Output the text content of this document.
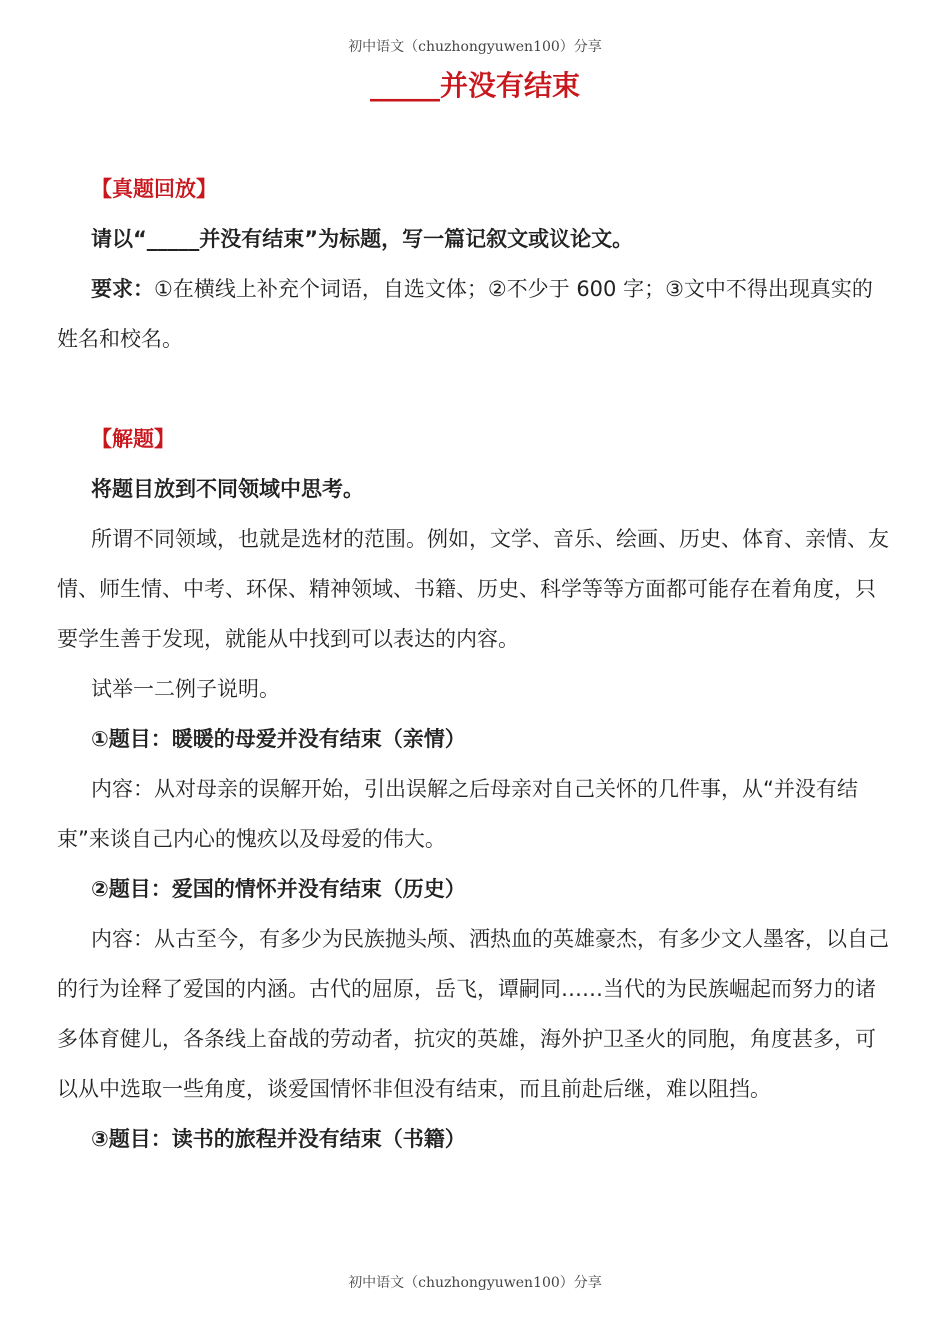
初中语文（chuzhongyuwen100）分享
_____并没有结束

【真题回放】

请以“_____并没有结束”为标题，写一篇记叙文或议论文。

要求：①在横线上补充个词语，自选文体；②不少于 600 字；③文中不得出现真实的姓名和校名。

【解题】

将题目放到不同领域中思考。

所谓不同领域，也就是选材的范围。例如，文学、音乐、绘画、历史、体育、亲情、友情、师生情、中考、环保、精神领域、书籍、历史、科学等等方面都可能存在着角度，只要学生善于发现，就能从中找到可以表达的内容。

试举一二例子说明。

①题目：暖暖的母爱并没有结束（亲情）

内容：从对母亲的误解开始，引出误解之后母亲对自己关怀的几件事，从“并没有结束”来谈自己内心的愧疚以及母爱的伟大。

②题目：爱国的情怀并没有结束（历史）

内容：从古至今，有多少为民族抛头颅、洒热血的英雄豪杰，有多少文人墨客，以自己的行为诠释了爱国的内涵。古代的屈原，岳飞，谭嗣同……当代的为民族崛起而努力的诸多体育健儿，各条线上奋战的劳动者，抗灾的英雄，海外护卫圣火的同胞，角度甚多，可以从中选取一些角度，谈爱国情怀非但没有结束，而且前赴后继，难以阻挡。

③题目：读书的旅程并没有结束（书籍）

初中语文（chuzhongyuwen100）分享
